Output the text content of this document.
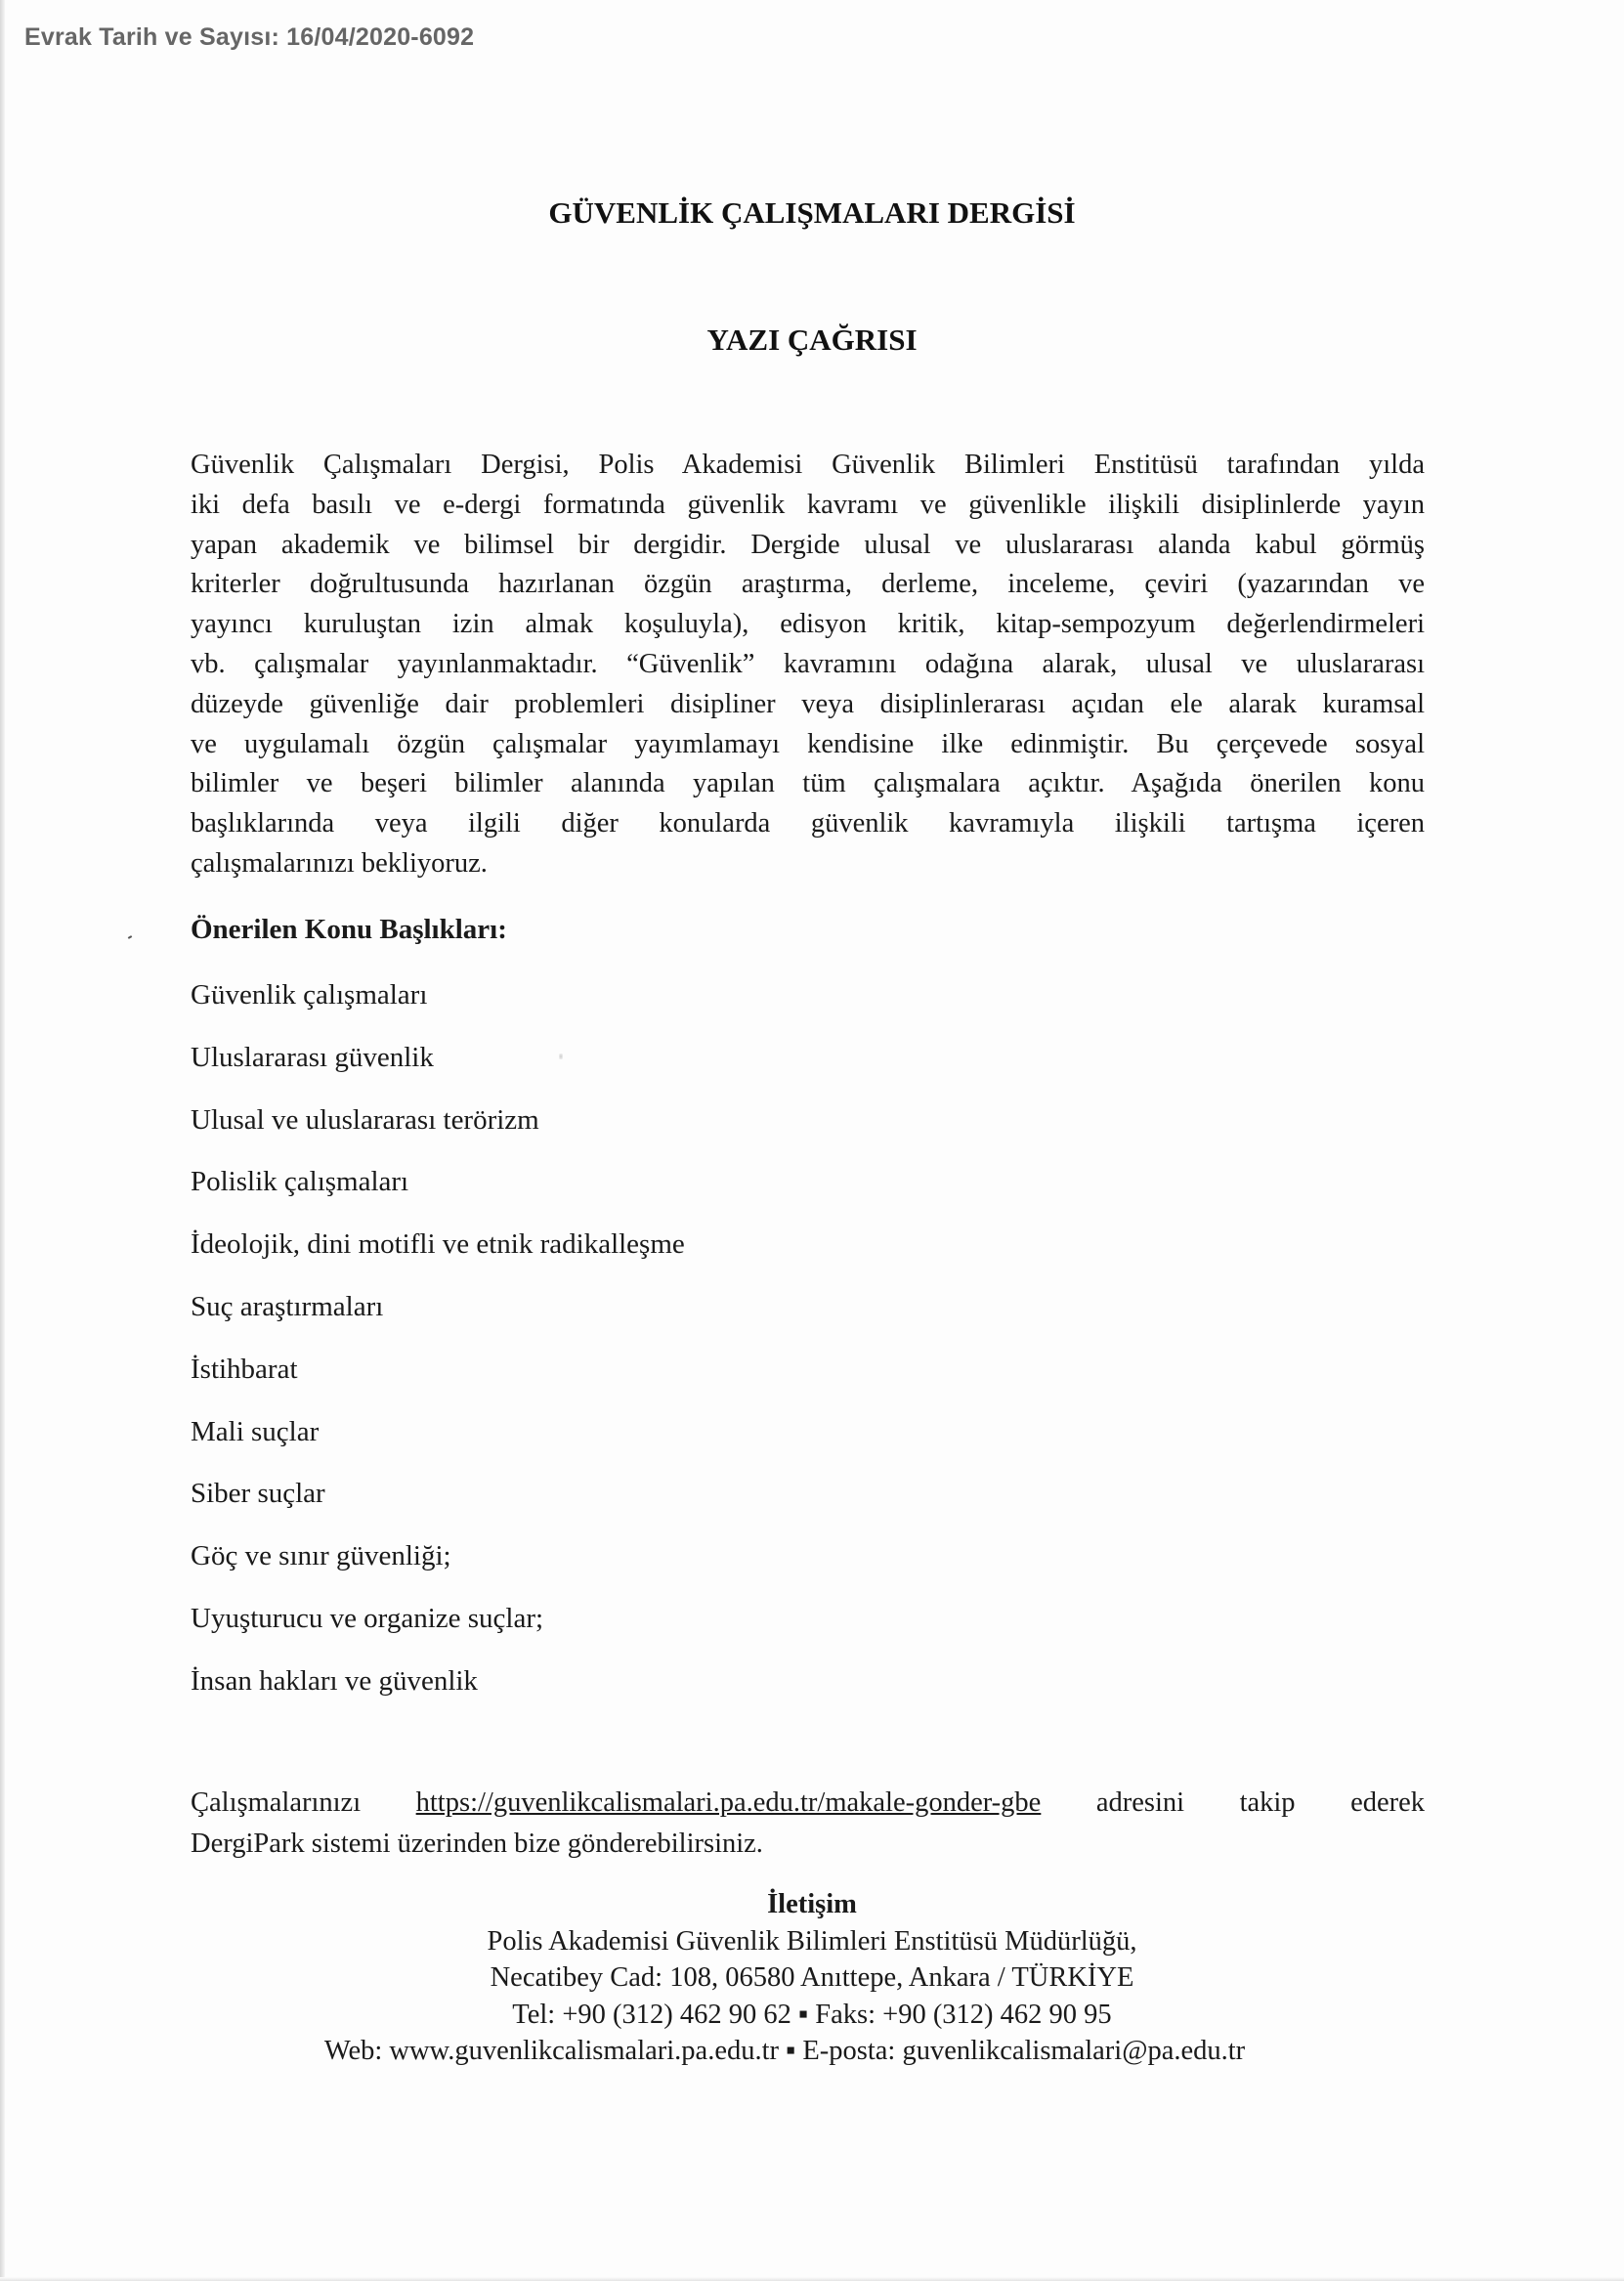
Evrak Tarih ve Sayısı: 16/04/2020-6092
GÜVENLİK ÇALIŞMALARI DERGİSİ
YAZI ÇAĞRISI
Güvenlik Çalışmaları Dergisi, Polis Akademisi Güvenlik Bilimleri Enstitüsü tarafından yılda
iki defa basılı ve e-dergi formatında güvenlik kavramı ve güvenlikle ilişkili disiplinlerde yayın
yapan akademik ve bilimsel bir dergidir. Dergide ulusal ve uluslararası alanda kabul görmüş
kriterler doğrultusunda hazırlanan özgün araştırma, derleme, inceleme, çeviri (yazarından ve
yayıncı kuruluştan izin almak koşuluyla), edisyon kritik, kitap-sempozyum değerlendirmeleri
vb. çalışmalar yayınlanmaktadır. “Güvenlik” kavramını odağına alarak, ulusal ve uluslararası
düzeyde güvenliğe dair problemleri disipliner veya disiplinlerarası açıdan ele alarak kuramsal
ve uygulamalı özgün çalışmalar yayımlamayı kendisine ilke edinmiştir. Bu çerçevede sosyal
bilimler ve beşeri bilimler alanında yapılan tüm çalışmalara açıktır. Aşağıda önerilen konu
başlıklarında veya ilgili diğer konularda güvenlik kavramıyla ilişkili tartışma içeren
çalışmalarınızı bekliyoruz.
Önerilen Konu Başlıkları:
Güvenlik çalışmaları
Uluslararası güvenlik
Ulusal ve uluslararası terörizm
Polislik çalışmaları
İdeolojik, dini motifli ve etnik radikalleşme
Suç araştırmaları
İstihbarat
Mali suçlar
Siber suçlar
Göç ve sınır güvenliği;
Uyuşturucu ve organize suçlar;
İnsan hakları ve güvenlik
Çalışmalarınızı https://guvenlikcalismalari.pa.edu.tr/makale-gonder-gbe adresini takip ederek
DergiPark sistemi üzerinden bize gönderebilirsiniz.
İletişim
Polis Akademisi Güvenlik Bilimleri Enstitüsü Müdürlüğü,
Necatibey Cad: 108, 06580 Anıttepe, Ankara / TÜRKİYE
Tel: +90 (312) 462 90 62 ▪ Faks: +90 (312) 462 90 95
Web: www.guvenlikcalismalari.pa.edu.tr ▪ E-posta: guvenlikcalismalari@pa.edu.tr
